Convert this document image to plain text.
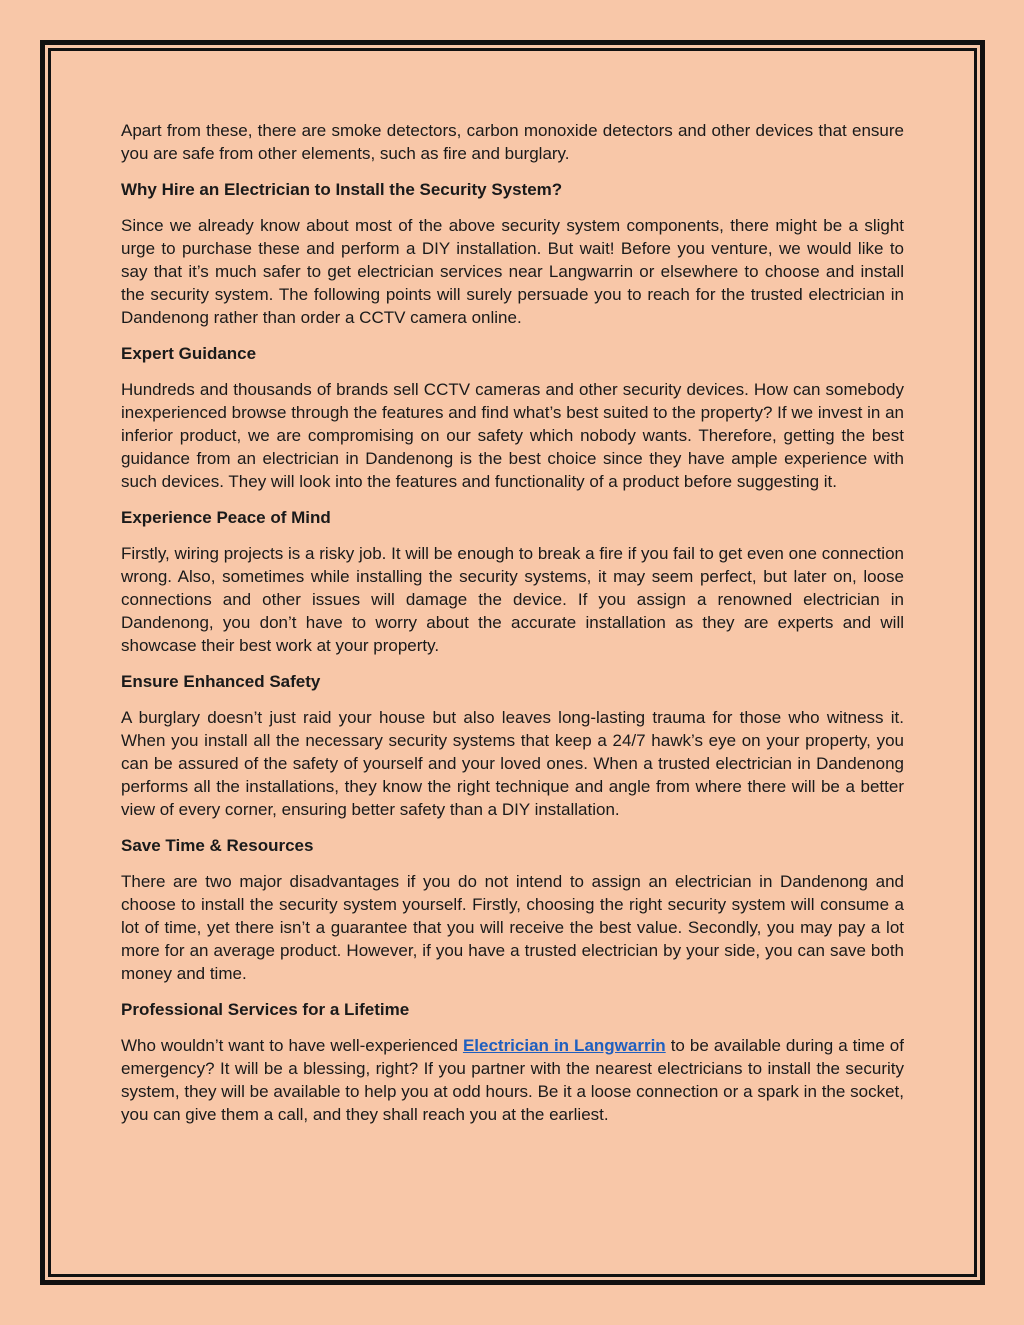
Apart from these, there are smoke detectors, carbon monoxide detectors and other devices that ensure you are safe from other elements, such as fire and burglary.

Why Hire an Electrician to Install the Security System?

Since we already know about most of the above security system components, there might be a slight urge to purchase these and perform a DIY installation. But wait! Before you venture, we would like to say that it’s much safer to get electrician services near Langwarrin or elsewhere to choose and install the security system. The following points will surely persuade you to reach for the trusted electrician in Dandenong rather than order a CCTV camera online.

Expert Guidance

Hundreds and thousands of brands sell CCTV cameras and other security devices. How can somebody inexperienced browse through the features and find what’s best suited to the property? If we invest in an inferior product, we are compromising on our safety which nobody wants. Therefore, getting the best guidance from an electrician in Dandenong is the best choice since they have ample experience with such devices. They will look into the features and functionality of a product before suggesting it.

Experience Peace of Mind

Firstly, wiring projects is a risky job. It will be enough to break a fire if you fail to get even one connection wrong. Also, sometimes while installing the security systems, it may seem perfect, but later on, loose connections and other issues will damage the device. If you assign a renowned electrician in Dandenong, you don’t have to worry about the accurate installation as they are experts and will showcase their best work at your property.

Ensure Enhanced Safety

A burglary doesn’t just raid your house but also leaves long-lasting trauma for those who witness it. When you install all the necessary security systems that keep a 24/7 hawk’s eye on your property, you can be assured of the safety of yourself and your loved ones. When a trusted electrician in Dandenong performs all the installations, they know the right technique and angle from where there will be a better view of every corner, ensuring better safety than a DIY installation.

Save Time & Resources

There are two major disadvantages if you do not intend to assign an electrician in Dandenong and choose to install the security system yourself. Firstly, choosing the right security system will consume a lot of time, yet there isn’t a guarantee that you will receive the best value. Secondly, you may pay a lot more for an average product. However, if you have a trusted electrician by your side, you can save both money and time.

Professional Services for a Lifetime

Who wouldn’t want to have well-experienced Electrician in Langwarrin to be available during a time of emergency? It will be a blessing, right? If you partner with the nearest electricians to install the security system, they will be available to help you at odd hours. Be it a loose connection or a spark in the socket, you can give them a call, and they shall reach you at the earliest.
